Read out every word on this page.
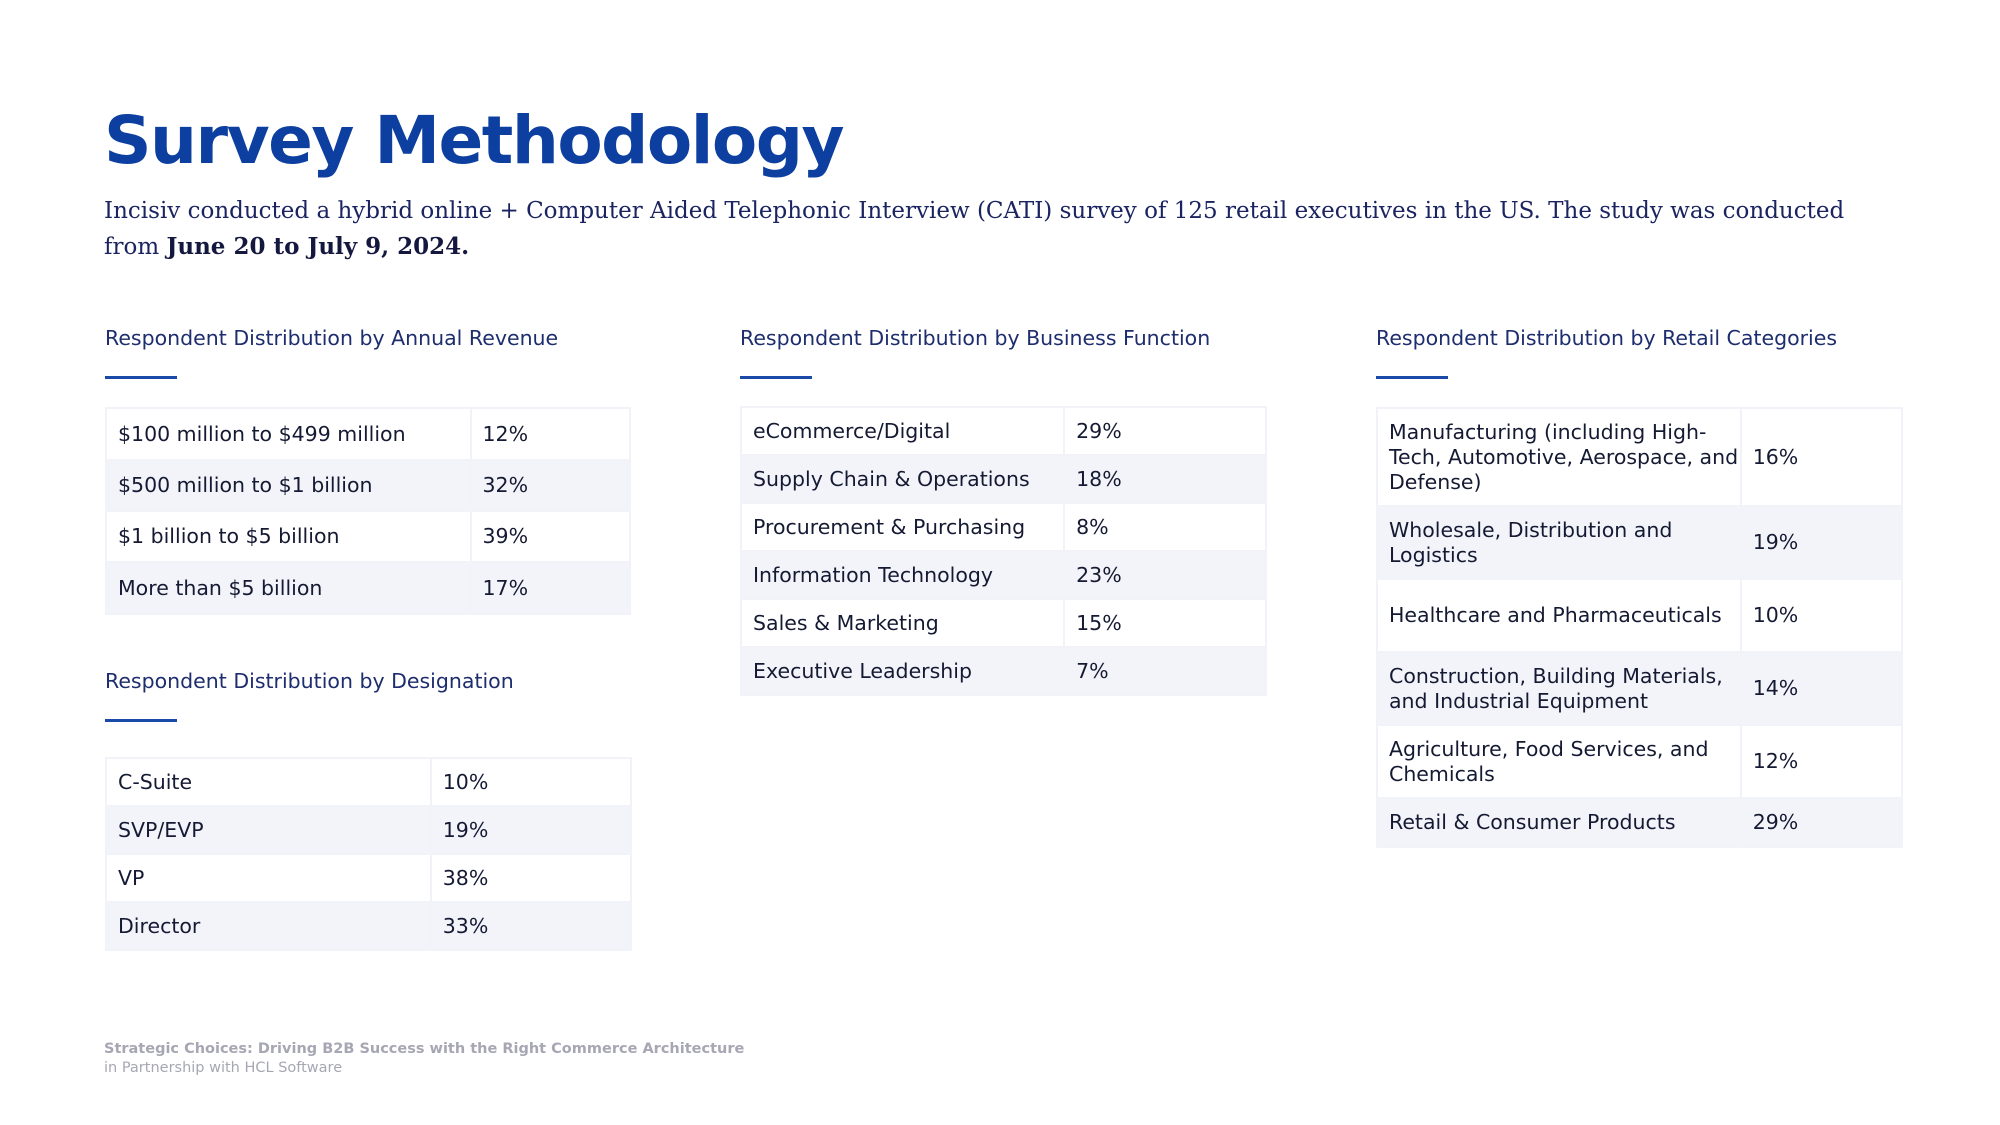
Survey Methodology

Incisiv conducted a hybrid online + Computer Aided Telephonic Interview (CATI) survey of 125 retail executives in the US. The study was conducted from June 20 to July 9, 2024.

Respondent Distribution by Annual Revenue
$100 million to $499 million	12%
$500 million to $1 billion	32%
$1 billion to $5 billion	39%
More than $5 billion	17%
Respondent Distribution by Designation
C-Suite	10%
SVP/EVP	19%
VP	38%
Director	33%
Respondent Distribution by Business Function
eCommerce/Digital	29%
Supply Chain & Operations	18%
Procurement & Purchasing	8%
Information Technology	23%
Sales & Marketing	15%
Executive Leadership	7%
Respondent Distribution by Retail Categories
Manufacturing (including High-Tech, Automotive, Aerospace, and Defense)	16%
Wholesale, Distribution and Logistics	19%
Healthcare and Pharmaceuticals	10%
Construction, Building Materials, and Industrial Equipment	14%
Agriculture, Food Services, and Chemicals	12%
Retail & Consumer Products	29%
Strategic Choices: Driving B2B Success with the Right Commerce Architecture
in Partnership with HCL Software
